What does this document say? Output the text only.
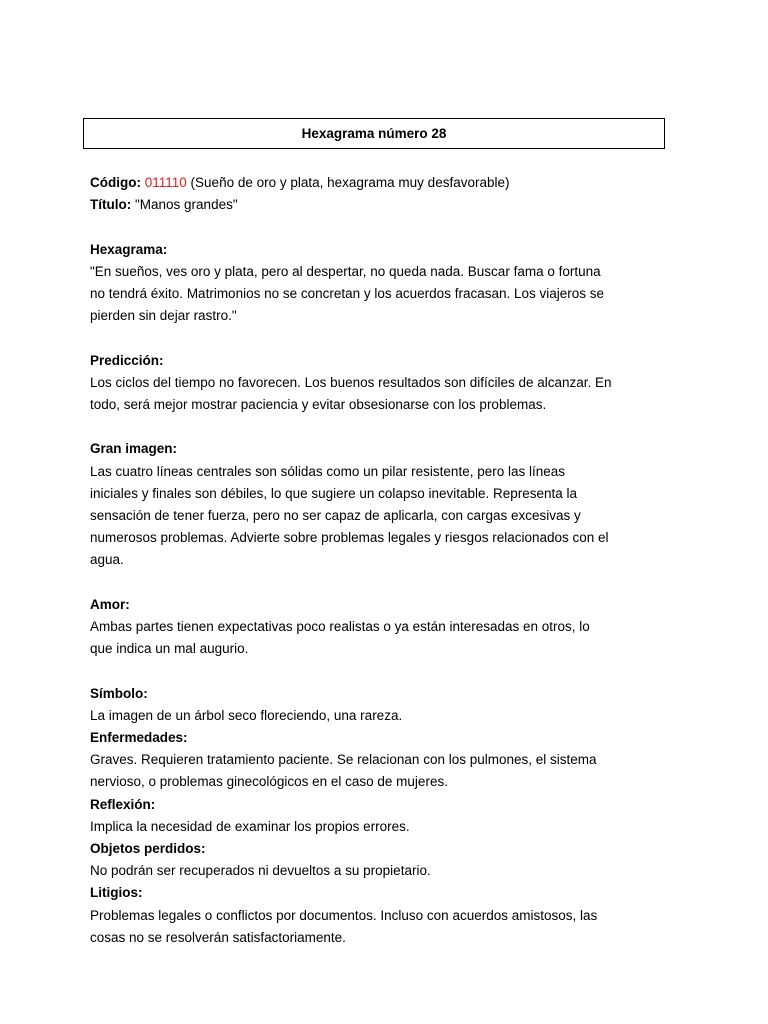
Hexagrama número 28
Código: 011110 (Sueño de oro y plata, hexagrama muy desfavorable)
Título: "Manos grandes"
Hexagrama:
"En sueños, ves oro y plata, pero al despertar, no queda nada. Buscar fama o fortuna
no tendrá éxito. Matrimonios no se concretan y los acuerdos fracasan. Los viajeros se
pierden sin dejar rastro."
Predicción:
Los ciclos del tiempo no favorecen. Los buenos resultados son difíciles de alcanzar. En
todo, será mejor mostrar paciencia y evitar obsesionarse con los problemas.
Gran imagen:
Las cuatro líneas centrales son sólidas como un pilar resistente, pero las líneas
iniciales y finales son débiles, lo que sugiere un colapso inevitable. Representa la
sensación de tener fuerza, pero no ser capaz de aplicarla, con cargas excesivas y
numerosos problemas. Advierte sobre problemas legales y riesgos relacionados con el
agua.
Amor:
Ambas partes tienen expectativas poco realistas o ya están interesadas en otros, lo
que indica un mal augurio.
Símbolo:
La imagen de un árbol seco floreciendo, una rareza.
Enfermedades:
Graves. Requieren tratamiento paciente. Se relacionan con los pulmones, el sistema
nervioso, o problemas ginecológicos en el caso de mujeres.
Reflexión:
Implica la necesidad de examinar los propios errores.
Objetos perdidos:
No podrán ser recuperados ni devueltos a su propietario.
Litigios:
Problemas legales o conflictos por documentos. Incluso con acuerdos amistosos, las
cosas no se resolverán satisfactoriamente.
